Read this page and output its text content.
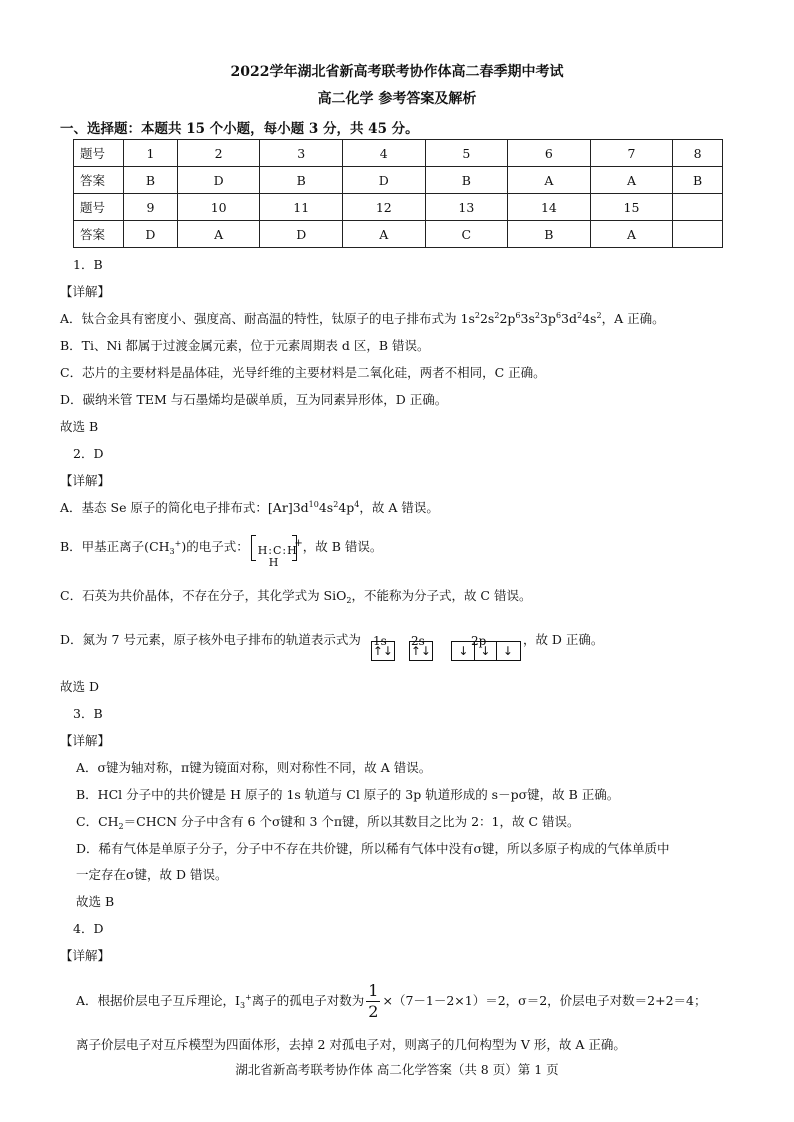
2022学年湖北省新高考联考协作体高二春季期中考试
高二化学 参考答案及解析
一、选择题：本题共 15 个小题，每小题 3 分，共 45 分。
题号	1	2	3	4	5	6	7	8
答案	B	D	B	D	B	A	A	B
题号	9	10	11	12	13	14	15	
答案	D	A	D	A	C	B	A	
1．B
【详解】
A．钛合金具有密度小、强度高、耐高温的特性，钛原子的电子排布式为 $1s^22s^22p^63s^23p^63d^24s^2$，A 正确。
B．Ti、Ni 都属于过渡金属元素，位于元素周期表 d 区，B 错误。
C．芯片的主要材料是晶体硅，光导纤维的主要材料是二氧化硅，两者不相同，C 正确。
D．碳纳米管 TEM 与石墨烯均是碳单质，互为同素异形体，D 正确。
故选 B
2．D
【详解】
A．基态 Se 原子的简化电子排布式：$[Ar]3d^{10}4s^24p^4$，故 A 错误。
B．甲基正离子$(CH_3^+)$的电子式： H:C:H
H
+ ，故 B 错误。
C．石英为共价晶体，不存在分子，其化学式为 SiO$_2$，不能称为分子式，故 C 错误。
D．氮为 7 号元素，原子核外电子排布的轨道表示式为 1s 2s	2p
↑↓ ↑↓	↓ ↓ ↓
，故 D 正确。
故选 D
3．B
【详解】
A．σ键为轴对称，π键为镜面对称，则对称性不同，故 A 错误。
B．HCl 分子中的共价键是 H 原子的 1s 轨道与 Cl 原子的 3p 轨道形成的 s－pσ键，故 B 正确。
C．$CH_2=CHCN$ 分子中含有 6 个σ键和 3 个π键，所以其数目之比为 2：1，故 C 错误。
D．稀有气体是单原子分子，分子中不存在共价键，所以稀有气体中没有σ键，所以多原子构成的气体单质中
一定存在σ键，故 D 错误。
故选 B
4．D
【详解】
A．根据价层电子互斥理论，$I_3^+$离子的孤电子对数为 $\frac{1}{2} \times(7-1-2\times 1)=2$，σ＝2，价层电子对数＝2+2＝4；
离子价层电子对互斥模型为四面体形，去掉 2 对孤电子对，则离子的几何构型为 V 形，故 A 正确。
湖北省新高考联考协作体 高二化学答案（共 8 页）第 1 页
